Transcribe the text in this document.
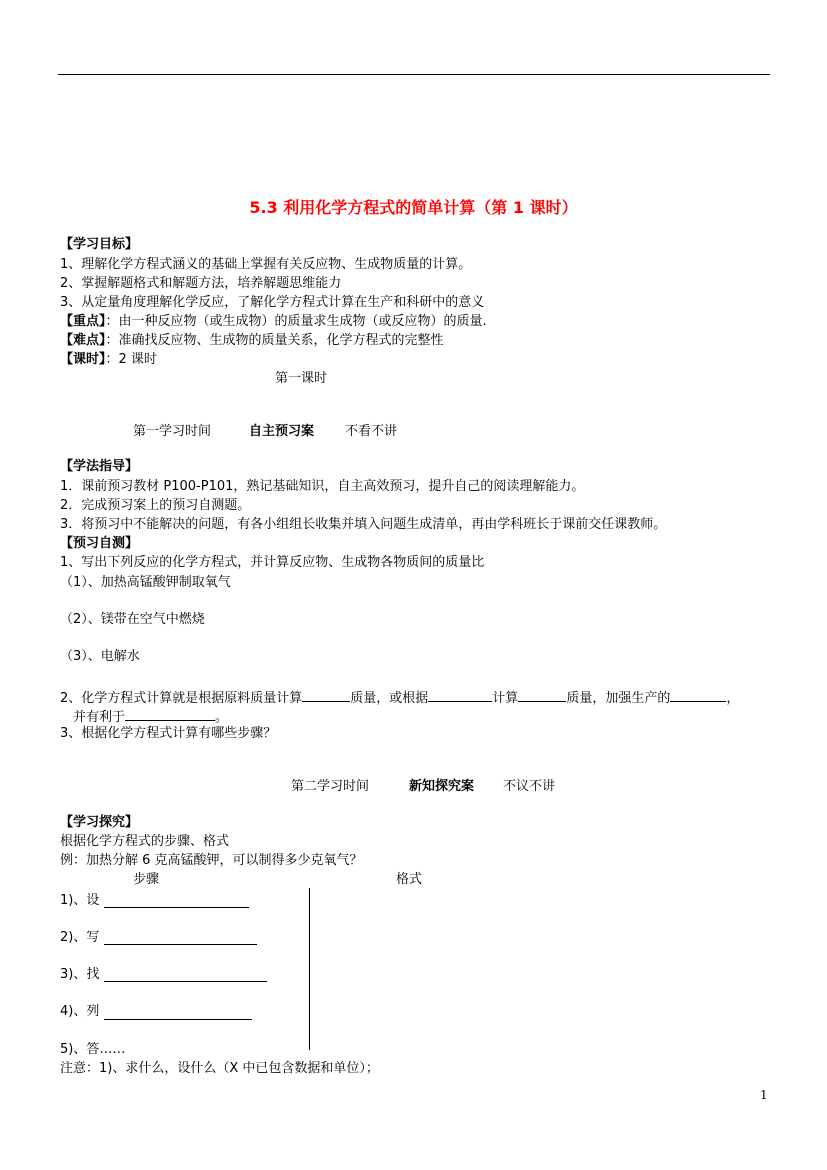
5.3 利用化学方程式的简单计算（第 1 课时）
【学习目标】
1、理解化学方程式涵义的基础上掌握有关反应物、生成物质量的计算。
2、掌握解题格式和解题方法，培养解题思维能力
3、从定量角度理解化学反应，了解化学方程式计算在生产和科研中的意义
【重点】：由一种反应物（或生成物）的质量求生成物（或反应物）的质量.
【难点】：准确找反应物、生成物的质量关系，化学方程式的完整性
【课时】：2 课时
第一课时
第一学习时间	自主预习案 不看不讲
【学法指导】
1．课前预习教材 P100-P101，熟记基础知识，自主高效预习，提升自己的阅读理解能力。
2．完成预习案上的预习自测题。
3．将预习中不能解决的问题，有各小组组长收集并填入问题生成清单，再由学科班长于课前交任课教师。
【预习自测】
1、写出下列反应的化学方程式，并计算反应物、生成物各物质间的质量比
（1）、加热高锰酸钾制取氧气
（2）、镁带在空气中燃烧
（3）、电解水
2、化学方程式计算就是根据原料质量计算	质量，或根据	计算	质量，加强生产的	，
并有利于	。
3、根据化学方程式计算有哪些步骤？
第二学习时间	新知探究案 不议不讲
【学习探究】
根据化学方程式的步骤、格式
例：加热分解 6 克高锰酸钾，可以制得多少克氧气？
步骤	格式
1)、设
2)、写
3)、找
4)、列
5)、答……
注意：1)、求什么，设什么（X 中已包含数据和单位）；
1
